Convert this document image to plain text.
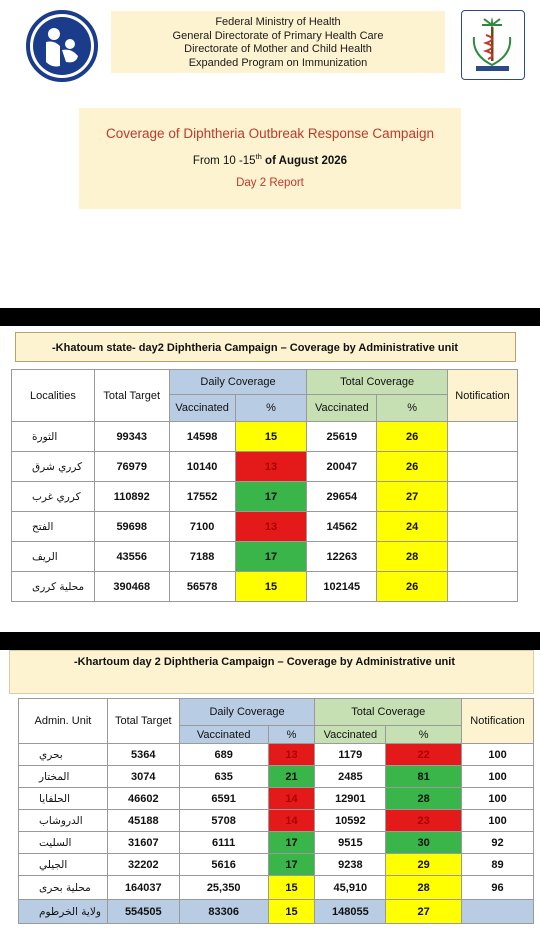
Federal Ministry of Health
General Directorate of Primary Health Care
Directorate of Mother and Child Health
Expanded Program on Immunization
Coverage of Diphtheria Outbreak Response Campaign
From 10 -15th of August 2026
Day 2 Report
-Khatoum state- day2 Diphtheria Campaign – Coverage by Administrative unit
Localities	Total Target	Daily Coverage		Total Coverage		Notification
		Vaccinated	%	Vaccinated	%	
الثورة	99343	14598	15	25619	26	
كرري شرق	76979	10140	13	20047	26	
كرري غرب	110892	17552	17	29654	27	
الفتح	59698	7100	13	14562	24	
الريف	43556	7188	17	12263	28	
محلية كررى	390468	56578	15	102145	26	
-Khartoum day 2 Diphtheria Campaign – Coverage by Administrative unit
Admin. Unit	Total Target	Daily Coverage		Total Coverage		Notification
		Vaccinated	%	Vaccinated	%	
بحري	5364	689	13	1179	22	100
المختار	3074	635	21	2485	81	100
الحلفايا	46602	6591	14	12901	28	100
الدروشاب	45188	5708	14	10592	23	100
السليت	31607	6111	17	9515	30	92
الجيلي	32202	5616	17	9238	29	89
محلية بحرى	164037	25,350	15	45,910	28	96
ولاية الخرطوم	554505	83306	15	148055	27	
